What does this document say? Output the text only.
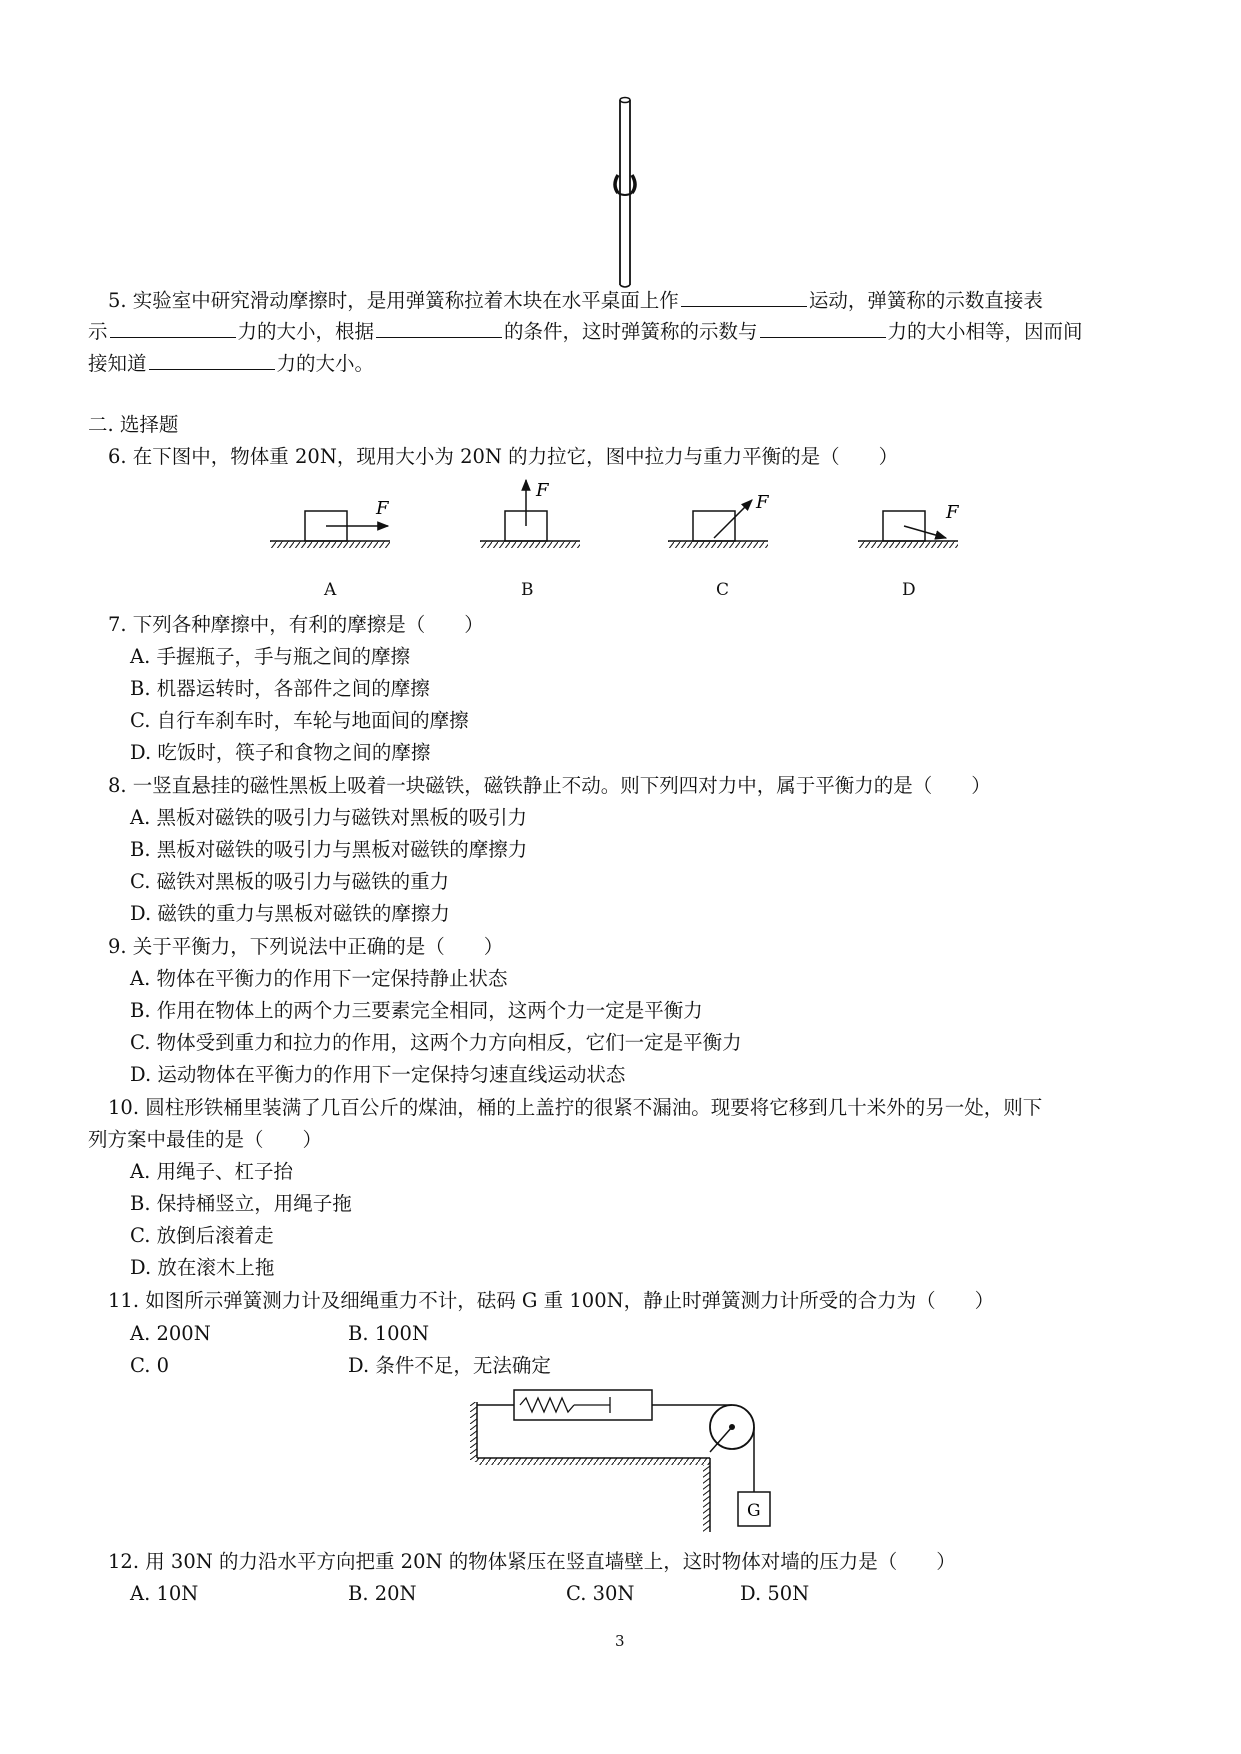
5. 实验室中研究滑动摩擦时，是用弹簧称拉着木块在水平桌面上作	运动，弹簧称的示数直接表
示	力的大小，根据	的条件，这时弹簧称的示数与	力的大小相等，因而间
接知道	力的大小。
二. 选择题
6. 在下图中，物体重 20N，现用大小为 20N 的力拉它，图中拉力与重力平衡的是（　　）
F
F
F	F
A	B	C	D
7. 下列各种摩擦中，有利的摩擦是（　　）
A. 手握瓶子，手与瓶之间的摩擦
B. 机器运转时，各部件之间的摩擦
C. 自行车刹车时，车轮与地面间的摩擦
D. 吃饭时，筷子和食物之间的摩擦
8. 一竖直悬挂的磁性黑板上吸着一块磁铁，磁铁静止不动。则下列四对力中，属于平衡力的是（　　）
A. 黑板对磁铁的吸引力与磁铁对黑板的吸引力
B. 黑板对磁铁的吸引力与黑板对磁铁的摩擦力
C. 磁铁对黑板的吸引力与磁铁的重力
D. 磁铁的重力与黑板对磁铁的摩擦力
9. 关于平衡力，下列说法中正确的是（　　）
A. 物体在平衡力的作用下一定保持静止状态
B. 作用在物体上的两个力三要素完全相同，这两个力一定是平衡力
C. 物体受到重力和拉力的作用，这两个力方向相反，它们一定是平衡力
D. 运动物体在平衡力的作用下一定保持匀速直线运动状态
10. 圆柱形铁桶里装满了几百公斤的煤油，桶的上盖拧的很紧不漏油。现要将它移到几十米外的另一处，则下
列方案中最佳的是（　　）
A. 用绳子、杠子抬
B. 保持桶竖立，用绳子拖
C. 放倒后滚着走
D. 放在滚木上拖
11. 如图所示弹簧测力计及细绳重力不计，砝码 G 重 100N，静止时弹簧测力计所受的合力为（　　）
A. 200N	B. 100N
C. 0	D. 条件不足，无法确定
G
12. 用 30N 的力沿水平方向把重 20N 的物体紧压在竖直墙壁上，这时物体对墙的压力是（　　）
A. 10N	B. 20N	C. 30N	D. 50N
3
